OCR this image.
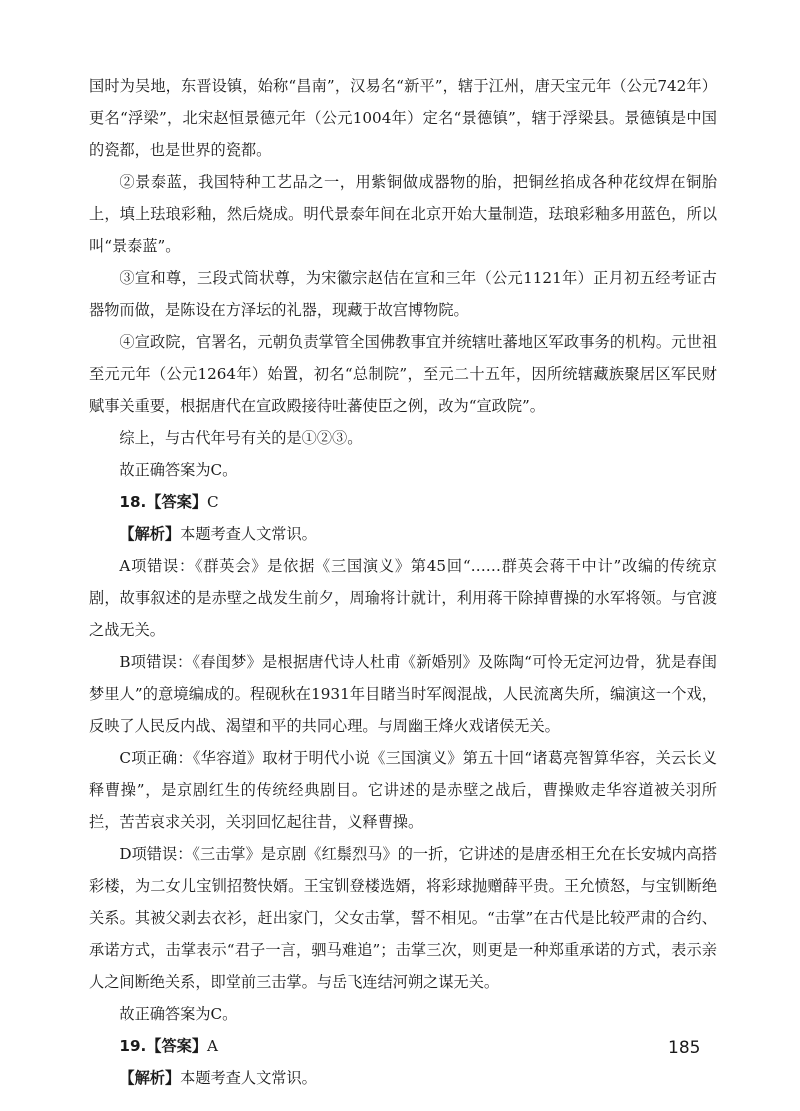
国时为吴地，东晋设镇，始称“昌南”，汉易名“新平”，辖于江州，唐天宝元年（公元742年）更名“浮梁”，北宋赵恒景德元年（公元1004年）定名“景德镇”，辖于浮梁县。景德镇是中国的瓷都，也是世界的瓷都。

②景泰蓝，我国特种工艺品之一，用紫铜做成器物的胎，把铜丝掐成各种花纹焊在铜胎上，填上珐琅彩釉，然后烧成。明代景泰年间在北京开始大量制造，珐琅彩釉多用蓝色，所以叫“景泰蓝”。

③宣和尊，三段式筒状尊，为宋徽宗赵佶在宣和三年（公元1121年）正月初五经考证古器物而做，是陈设在方泽坛的礼器，现藏于故宫博物院。

④宣政院，官署名，元朝负责掌管全国佛教事宜并统辖吐蕃地区军政事务的机构。元世祖至元元年（公元1264年）始置，初名“总制院”，至元二十五年，因所统辖藏族聚居区军民财赋事关重要，根据唐代在宣政殿接待吐蕃使臣之例，改为“宣政院”。

综上，与古代年号有关的是①②③。

故正确答案为C。

18.【答案】C

【解析】本题考查人文常识。

A项错误：《群英会》是依据《三国演义》第45回“……群英会蒋干中计”改编的传统京剧，故事叙述的是赤壁之战发生前夕，周瑜将计就计，利用蒋干除掉曹操的水军将领。与官渡之战无关。

B项错误：《春闺梦》是根据唐代诗人杜甫《新婚别》及陈陶“可怜无定河边骨，犹是春闺梦里人”的意境编成的。程砚秋在1931年目睹当时军阀混战，人民流离失所，编演这一个戏，反映了人民反内战、渴望和平的共同心理。与周幽王烽火戏诸侯无关。

C项正确：《华容道》取材于明代小说《三国演义》第五十回“诸葛亮智算华容，关云长义释曹操”，是京剧红生的传统经典剧目。它讲述的是赤壁之战后，曹操败走华容道被关羽所拦，苦苦哀求关羽，关羽回忆起往昔，义释曹操。

D项错误：《三击掌》是京剧《红鬃烈马》的一折，它讲述的是唐丞相王允在长安城内高搭彩楼，为二女儿宝钏招赘快婿。王宝钏登楼选婿，将彩球抛赠薛平贵。王允愤怒，与宝钏断绝关系。其被父剥去衣衫，赶出家门，父女击掌，誓不相见。“击掌”在古代是比较严肃的合约、承诺方式，击掌表示“君子一言，驷马难追”；击掌三次，则更是一种郑重承诺的方式，表示亲人之间断绝关系，即堂前三击掌。与岳飞连结河朔之谋无关。

故正确答案为C。

19.【答案】A

【解析】本题考查人文常识。

185
